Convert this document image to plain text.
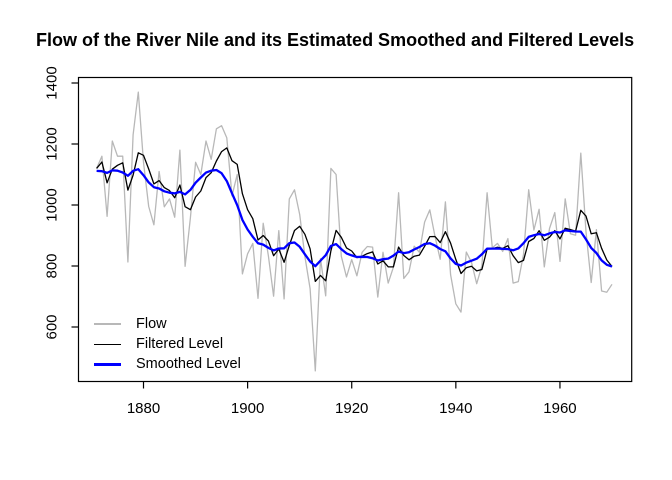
Flow of the River Nile and its Estimated Smoothed and Filtered Levels
1880	1900	1920	1940	1960
600
800
1000
1200
1400
Flow
Filtered Level
Smoothed Level
